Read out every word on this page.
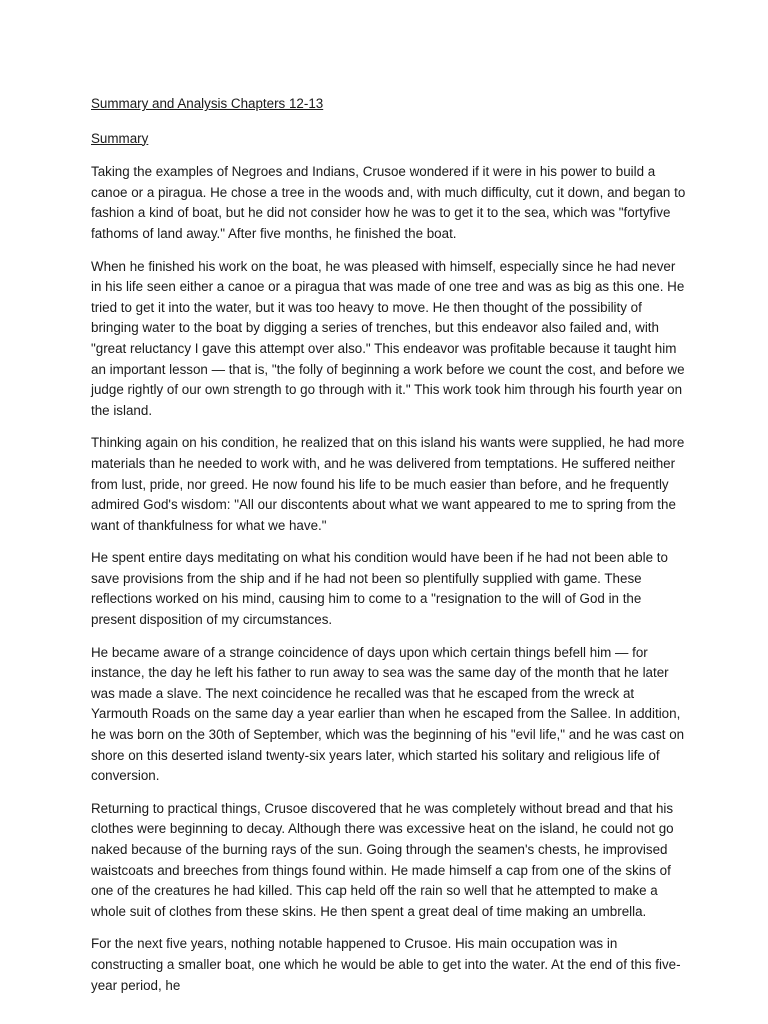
Summary and Analysis Chapters 12-13

Summary

Taking the examples of Negroes and Indians, Crusoe wondered if it were in his power to build a canoe or a piragua. He chose a tree in the woods and, with much difficulty, cut it down, and began to fashion a kind of boat, but he did not consider how he was to get it to the sea, which was "fortyfive fathoms of land away." After five months, he finished the boat.

When he finished his work on the boat, he was pleased with himself, especially since he had never in his life seen either a canoe or a piragua that was made of one tree and was as big as this one. He tried to get it into the water, but it was too heavy to move. He then thought of the possibility of bringing water to the boat by digging a series of trenches, but this endeavor also failed and, with "great reluctancy I gave this attempt over also." This endeavor was profitable because it taught him an important lesson — that is, "the folly of beginning a work before we count the cost, and before we judge rightly of our own strength to go through with it." This work took him through his fourth year on the island.

Thinking again on his condition, he realized that on this island his wants were supplied, he had more materials than he needed to work with, and he was delivered from temptations. He suffered neither from lust, pride, nor greed. He now found his life to be much easier than before, and he frequently admired God's wisdom: "All our discontents about what we want appeared to me to spring from the want of thankfulness for what we have."

He spent entire days meditating on what his condition would have been if he had not been able to save provisions from the ship and if he had not been so plentifully supplied with game. These reflections worked on his mind, causing him to come to a "resignation to the will of God in the present disposition of my circumstances.

He became aware of a strange coincidence of days upon which certain things befell him — for instance, the day he left his father to run away to sea was the same day of the month that he later was made a slave. The next coincidence he recalled was that he escaped from the wreck at Yarmouth Roads on the same day a year earlier than when he escaped from the Sallee. In addition, he was born on the 30th of September, which was the beginning of his "evil life," and he was cast on shore on this deserted island twenty-six years later, which started his solitary and religious life of conversion.

Returning to practical things, Crusoe discovered that he was completely without bread and that his clothes were beginning to decay. Although there was excessive heat on the island, he could not go naked because of the burning rays of the sun. Going through the seamen's chests, he improvised waistcoats and breeches from things found within. He made himself a cap from one of the skins of one of the creatures he had killed. This cap held off the rain so well that he attempted to make a whole suit of clothes from these skins. He then spent a great deal of time making an umbrella.

For the next five years, nothing notable happened to Crusoe. His main occupation was in constructing a smaller boat, one which he would be able to get into the water. At the end of this five-year period, he
